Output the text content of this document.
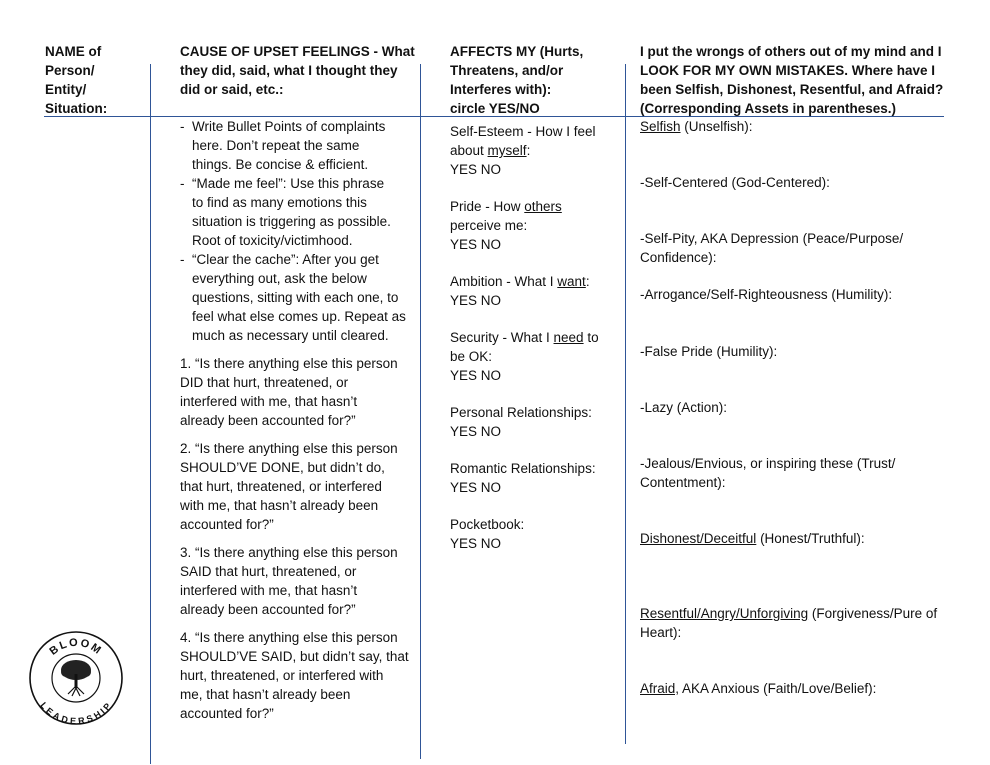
NAME of
Person/
Entity/
Situation:
CAUSE OF UPSET FEELINGS - What
they did, said, what I thought they
did or said, etc.:
AFFECTS MY (Hurts,
Threatens, and/or
Interferes with):
circle YES/NO
I put the wrongs of others out of my mind and I
LOOK FOR MY OWN MISTAKES. Where have I
been Selfish, Dishonest, Resentful, and Afraid?
(Corresponding Assets in parentheses.)
- Write Bullet Points of complaints
here. Don’t repeat the same
things. Be concise & efficient.
- “Made me feel”: Use this phrase
to find as many emotions this
situation is triggering as possible.
Root of toxicity/victimhood.
- “Clear the cache”: After you get
everything out, ask the below
questions, sitting with each one, to
feel what else comes up. Repeat as
much as necessary until cleared.
1. “Is there anything else this person
DID that hurt, threatened, or
interfered with me, that hasn’t
already been accounted for?”
2. “Is there anything else this person
SHOULD’VE DONE, but didn’t do,
that hurt, threatened, or interfered
with me, that hasn’t already been
accounted for?”
3. “Is there anything else this person
SAID that hurt, threatened, or
interfered with me, that hasn’t
already been accounted for?”
4. “Is there anything else this person
SHOULD’VE SAID, but didn’t say, that
hurt, threatened, or interfered with
me, that hasn’t already been
accounted for?”
Self-Esteem - How I feel
about myself:
YES NO
Pride - How others
perceive me:
YES NO
Ambition - What I want:
YES NO
Security - What I need to
be OK:
YES NO
Personal Relationships:
YES NO
Romantic Relationships:
YES NO
Pocketbook:
YES NO
Selfish (Unselfish):
-Self-Centered (God-Centered):
-Self-Pity, AKA Depression (Peace/Purpose/
Confidence):
-Arrogance/Self-Righteousness (Humility):
-False Pride (Humility):
-Lazy (Action):
-Jealous/Envious, or inspiring these (Trust/
Contentment):
Dishonest/Deceitful (Honest/Truthful):
Resentful/Angry/Unforgiving (Forgiveness/Pure of
Heart):
Afraid, AKA Anxious (Faith/Love/Belief):
BLOOM
LEADERSHIP
